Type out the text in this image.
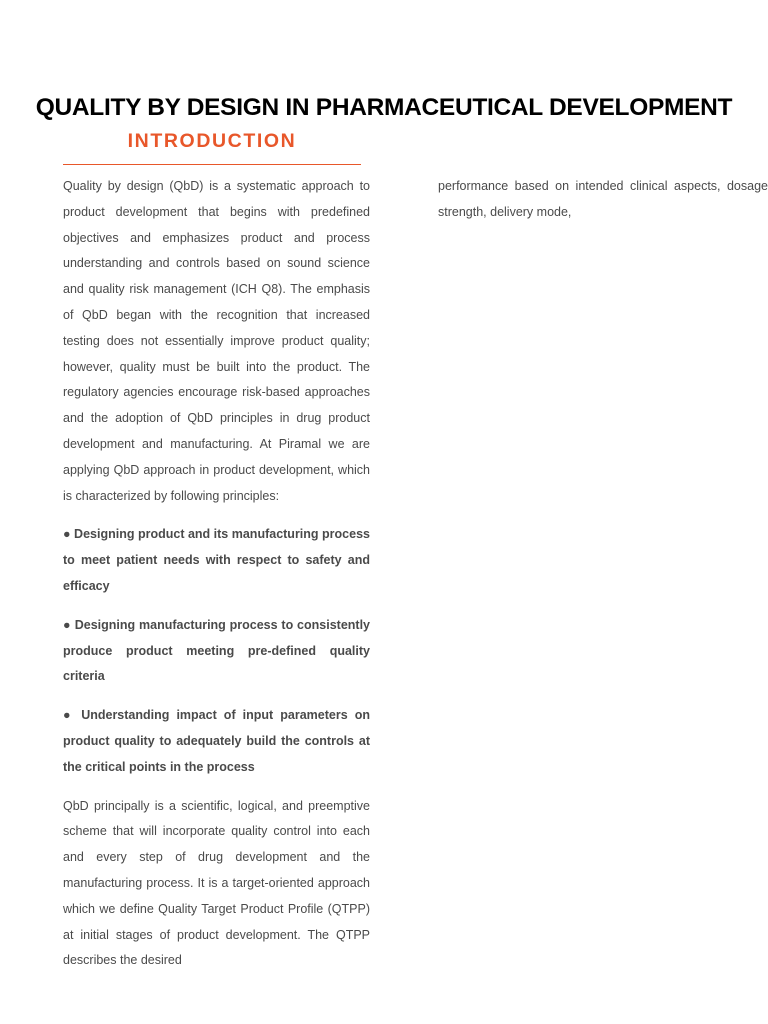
QUALITY BY DESIGN IN PHARMACEUTICAL DEVELOPMENT
INTRODUCTION

Quality by design (QbD) is a systematic approach to product development that begins with predefined objectives and emphasizes product and process understanding and controls based on sound science and quality risk management (ICH Q8). The emphasis of QbD began with the recognition that increased testing does not essentially improve product quality; however, quality must be built into the product. The regulatory agencies encourage risk-based approaches and the adoption of QbD principles in drug product development and manufacturing. At Piramal we are applying QbD approach in product development, which is characterized by following principles:

● Designing product and its manufacturing process to meet patient needs with respect to safety and efficacy

● Designing manufacturing process to consistently produce product meeting pre-defined quality criteria

● Understanding impact of input parameters on product quality to adequately build the controls at the critical points in the process

QbD principally is a scientific, logical, and preemptive scheme that will incorporate quality control into each and every step of drug development and the manufacturing process. It is a target-oriented approach which we define Quality Target Product Profile (QTPP) at initial stages of product development. The QTPP describes the desired

performance based on intended clinical aspects, dosage strength, delivery mode,
